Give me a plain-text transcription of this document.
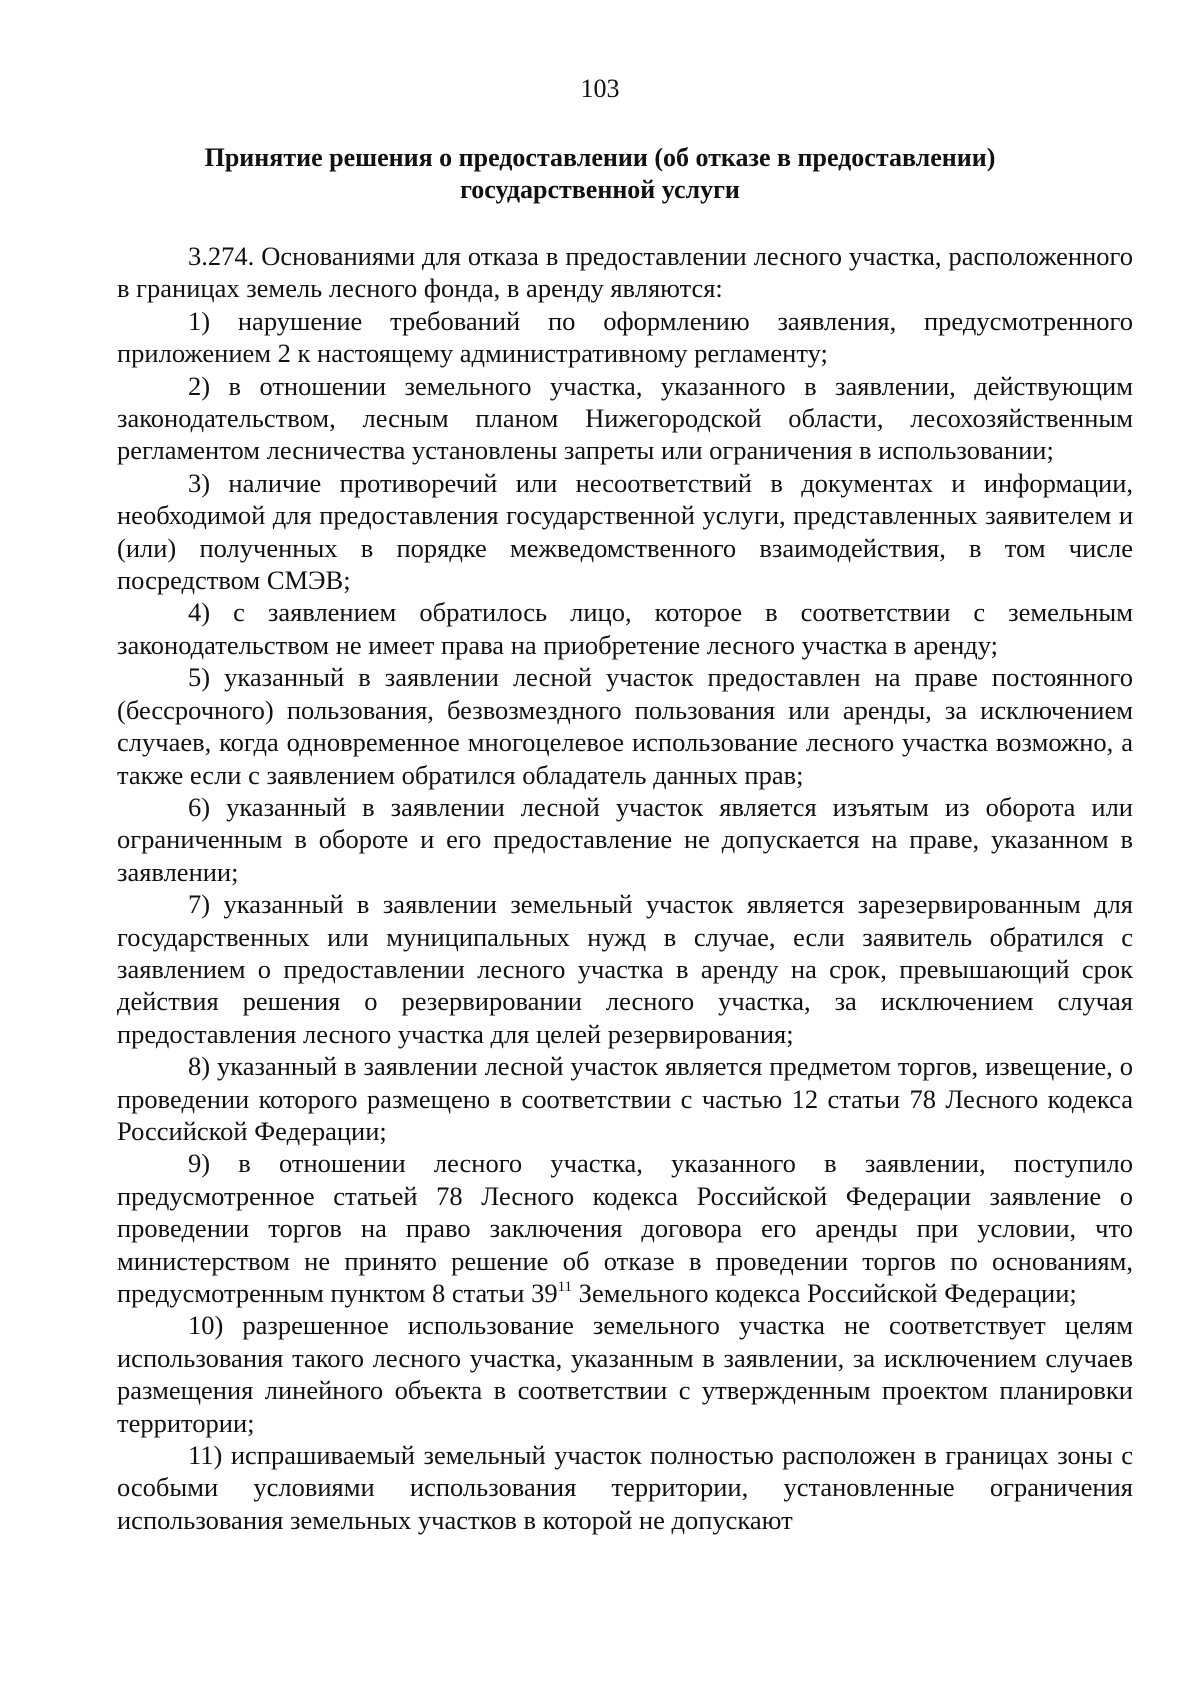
103
Принятие решения о предоставлении (об отказе в предоставлении)
государственной услуги

3.274. Основаниями для отказа в предоставлении лесного участка, расположенного в границах земель лесного фонда, в аренду являются:

1) нарушение требований по оформлению заявления, предусмотренного приложением 2 к настоящему административному регламенту;

2) в отношении земельного участка, указанного в заявлении, действующим законодательством, лесным планом Нижегородской области, лесохозяйственным регламентом лесничества установлены запреты или ограничения в использовании;

3) наличие противоречий или несоответствий в документах и информации, необходимой для предоставления государственной услуги, представленных заявителем и (или) полученных в порядке межведомственного взаимодействия, в том числе посредством СМЭВ;

4) с заявлением обратилось лицо, которое в соответствии с земельным законодательством не имеет права на приобретение лесного участка в аренду;

5) указанный в заявлении лесной участок предоставлен на праве постоянного (бессрочного) пользования, безвозмездного пользования или аренды, за исключением случаев, когда одновременное многоцелевое использование лесного участка возможно, а также если с заявлением обратился обладатель данных прав;

6) указанный в заявлении лесной участок является изъятым из оборота или ограниченным в обороте и его предоставление не допускается на праве, указанном в заявлении;

7) указанный в заявлении земельный участок является зарезервированным для государственных или муниципальных нужд в случае, если заявитель обратился с заявлением о предоставлении лесного участка в аренду на срок, превышающий срок действия решения о резервировании лесного участка, за исключением случая предоставления лесного участка для целей резервирования;

8) указанный в заявлении лесной участок является предметом торгов, извещение, о проведении которого размещено в соответствии с частью 12 статьи 78 Лесного кодекса Российской Федерации;

9) в отношении лесного участка, указанного в заявлении, поступило предусмотренное статьей 78 Лесного кодекса Российской Федерации заявление о проведении торгов на право заключения договора его аренды при условии, что министерством не принято решение об отказе в проведении торгов по основаниям, предусмотренным пунктом 8 статьи $39^{11}$ Земельного кодекса Российской Федерации;

10) разрешенное использование земельного участка не соответствует целям использования такого лесного участка, указанным в заявлении, за исключением случаев размещения линейного объекта в соответствии с утвержденным проектом планировки территории;

11) испрашиваемый земельный участок полностью расположен в границах зоны с особыми условиями использования территории, установленные ограничения использования земельных участков в которой не допускают
